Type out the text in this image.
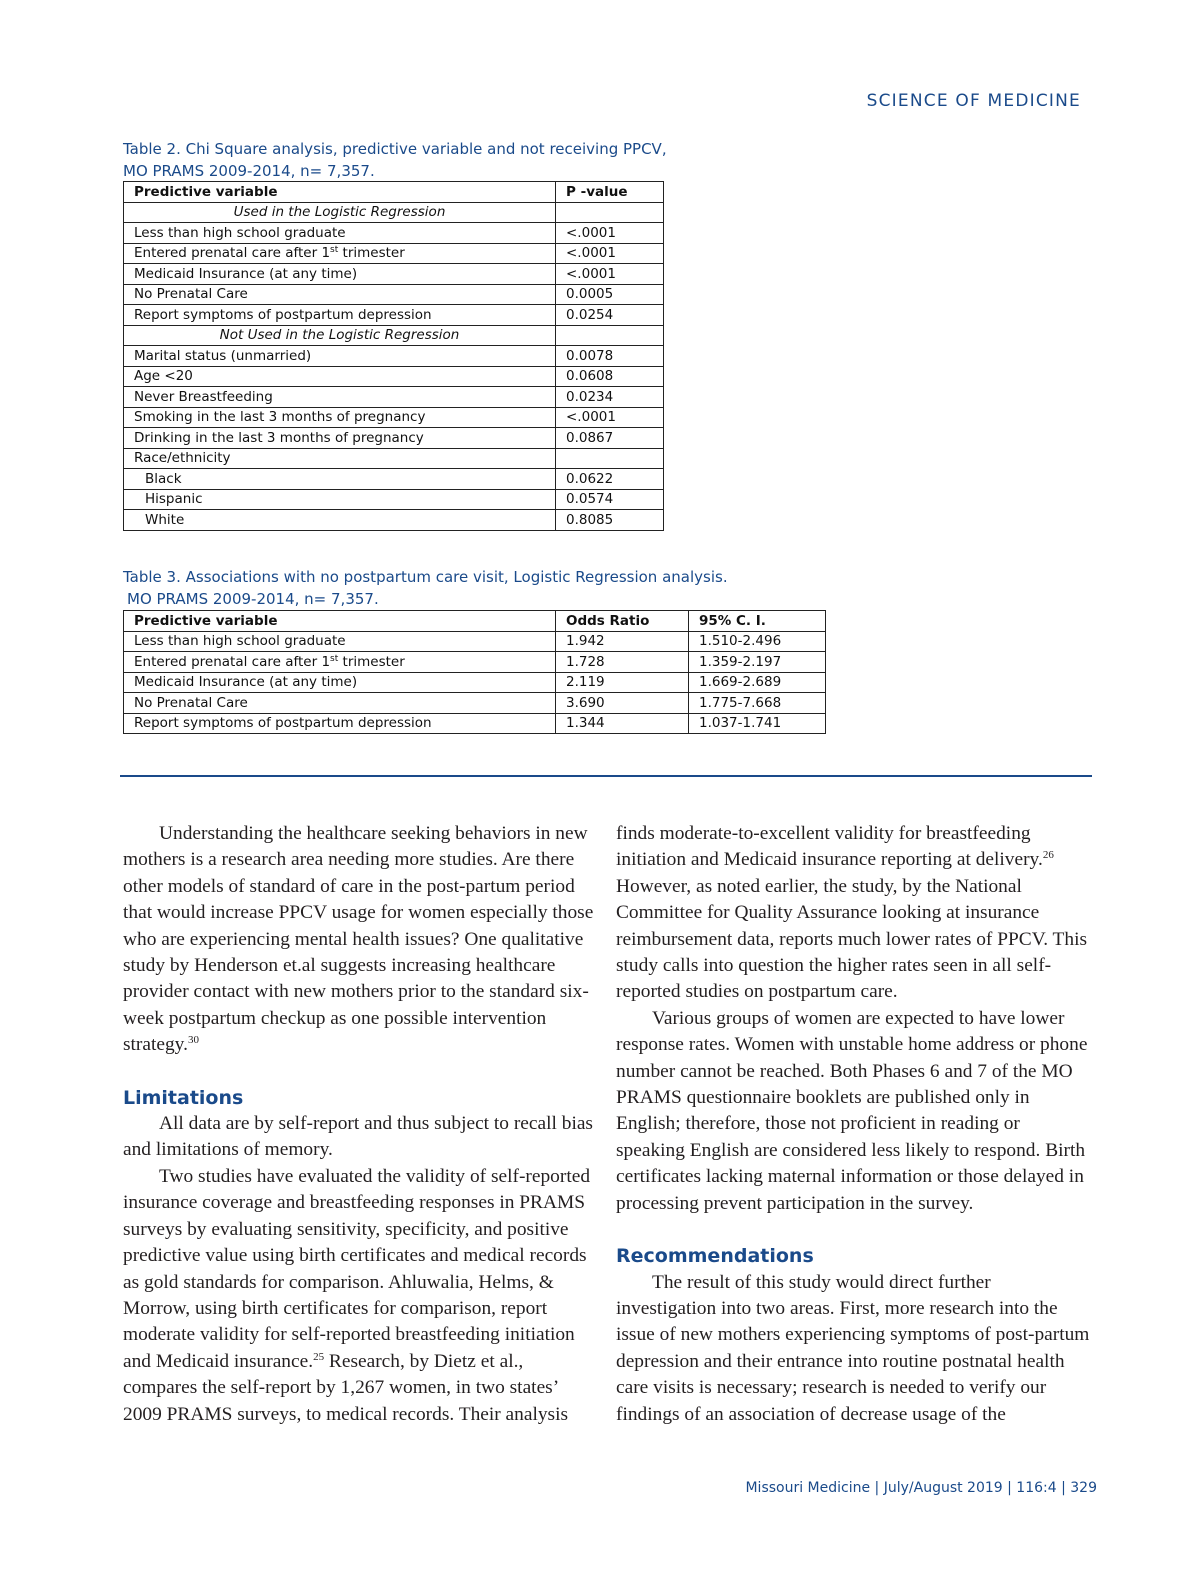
SCIENCE OF MEDICINE
Table 2. Chi Square analysis, predictive variable and not receiving PPCV,
MO PRAMS 2009-2014, n= 7,357.
Predictive variable	P -value
Used in the Logistic Regression	
Less than high school graduate	<.0001
Entered prenatal care after 1st trimester	<.0001
Medicaid Insurance (at any time)	<.0001
No Prenatal Care	0.0005
Report symptoms of postpartum depression	0.0254
Not Used in the Logistic Regression	
Marital status (unmarried)	0.0078
Age <20	0.0608
Never Breastfeeding	0.0234
Smoking in the last 3 months of pregnancy	<.0001
Drinking in the last 3 months of pregnancy	0.0867
Race/ethnicity	
Black	0.0622
Hispanic	0.0574
White	0.8085
Table 3. Associations with no postpartum care visit, Logistic Regression analysis.
MO PRAMS 2009-2014, n= 7,357.
Predictive variable	Odds Ratio	95% C. I.
Less than high school graduate	1.942	1.510-2.496
Entered prenatal care after 1st trimester	1.728	1.359-2.197
Medicaid Insurance (at any time)	2.119	1.669-2.689
No Prenatal Care	3.690	1.775-7.668
Report symptoms of postpartum depression	1.344	1.037-1.741

Understanding the healthcare seeking behaviors in new mothers is a research area needing more studies. Are there other models of standard of care in the post-partum period that would increase PPCV usage for women especially those who are experiencing mental health issues? One qualitative study by Henderson et.al suggests increasing healthcare provider contact with new mothers prior to the standard six-week postpartum checkup as one possible intervention strategy.$^{30}$

Limitations

All data are by self-report and thus subject to recall bias and limitations of memory.

Two studies have evaluated the validity of self-reported insurance coverage and breastfeeding responses in PRAMS surveys by evaluating sensitivity, specificity, and positive predictive value using birth certificates and medical records as gold standards for comparison. Ahluwalia, Helms, & Morrow, using birth certificates for comparison, report moderate validity for self-reported breastfeeding initiation and Medicaid insurance.$^{25}$ Research, by Dietz et al., compares the self-report by 1,267 women, in two states’ 2009 PRAMS surveys, to medical records. Their analysis

finds moderate-to-excellent validity for breastfeeding initiation and Medicaid insurance reporting at delivery.$^{26}$ However, as noted earlier, the study, by the National Committee for Quality Assurance looking at insurance reimbursement data, reports much lower rates of PPCV. This study calls into question the higher rates seen in all self-reported studies on postpartum care.

Various groups of women are expected to have lower response rates. Women with unstable home address or phone number cannot be reached. Both Phases 6 and 7 of the MO PRAMS questionnaire booklets are published only in English; therefore, those not proficient in reading or speaking English are considered less likely to respond. Birth certificates lacking maternal information or those delayed in processing prevent participation in the survey.

Recommendations

The result of this study would direct further investigation into two areas. First, more research into the issue of new mothers experiencing symptoms of post-partum depression and their entrance into routine postnatal health care visits is necessary; research is needed to verify our findings of an association of decrease usage of the

Missouri Medicine | July/August 2019 | 116:4 | 329
